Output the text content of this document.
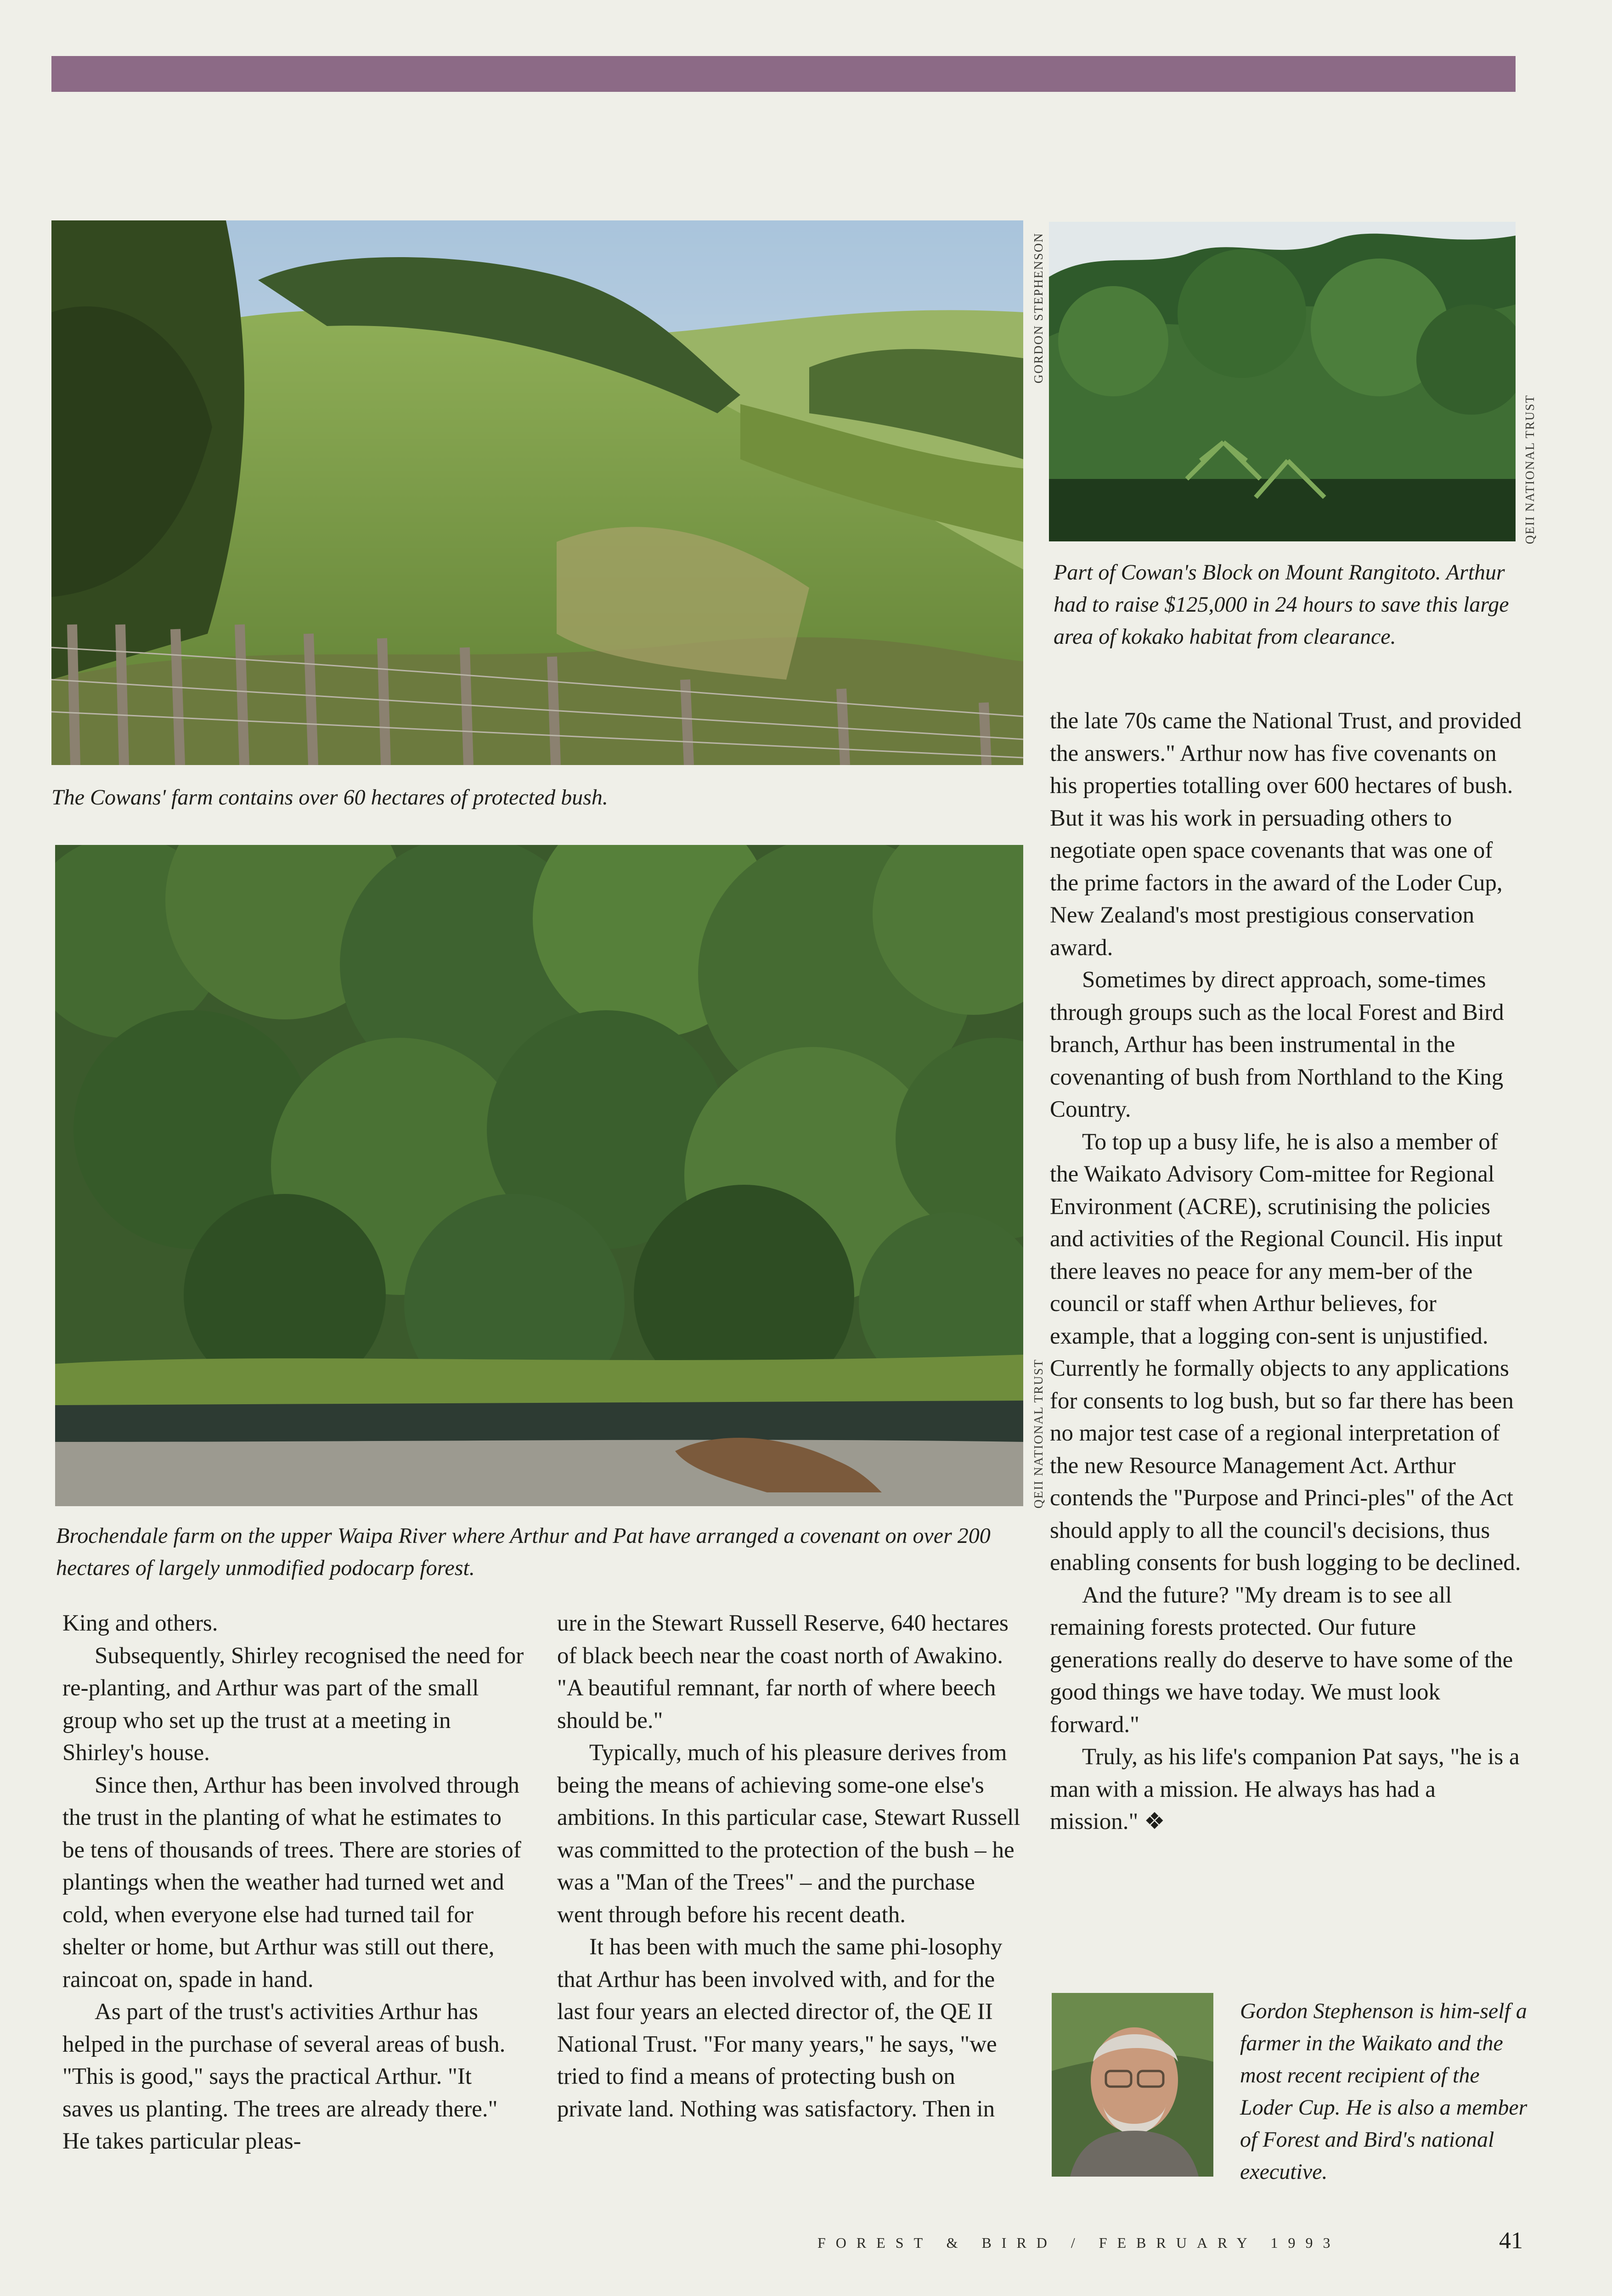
The Cowans' farm contains over 60 hectares of protected bush.
Part of Cowan's Block on Mount Rangitoto. Arthur had to raise $125,000 in 24 hours to save this large area of kokako habitat from clearance.
Brochendale farm on the upper Waipa River where Arthur and Pat have arranged a covenant on over 200 hectares of largely unmodified podocarp forest.
GORDON STEPHENSON
QEII NATIONAL TRUST
QEII NATIONAL TRUST

King and others.

Subsequently, Shirley recognised the need for re-planting, and Arthur was part of the small group who set up the trust at a meeting in Shirley's house.

Since then, Arthur has been involved through the trust in the planting of what he estimates to be tens of thousands of trees. There are stories of plantings when the weather had turned wet and cold, when everyone else had turned tail for shelter or home, but Arthur was still out there, raincoat on, spade in hand.

As part of the trust's activities Arthur has helped in the purchase of several areas of bush. "This is good," says the practical Arthur. "It saves us planting. The trees are already there." He takes particular pleas-

ure in the Stewart Russell Reserve, 640 hectares of black beech near the coast north of Awakino. "A beautiful remnant, far north of where beech should be."

Typically, much of his pleasure derives from being the means of achieving some-one else's ambitions. In this particular case, Stewart Russell was committed to the protection of the bush – he was a "Man of the Trees" – and the purchase went through before his recent death.

It has been with much the same phi-losophy that Arthur has been involved with, and for the last four years an elected director of, the QE II National Trust. "For many years," he says, "we tried to find a means of protecting bush on private land. Nothing was satisfactory. Then in

the late 70s came the National Trust, and provided the answers." Arthur now has five covenants on his properties totalling over 600 hectares of bush. But it was his work in persuading others to negotiate open space covenants that was one of the prime factors in the award of the Loder Cup, New Zealand's most prestigious conservation award.

Sometimes by direct approach, some-times through groups such as the local Forest and Bird branch, Arthur has been instrumental in the covenanting of bush from Northland to the King Country.

To top up a busy life, he is also a member of the Waikato Advisory Com-mittee for Regional Environment (ACRE), scrutinising the policies and activities of the Regional Council. His input there leaves no peace for any mem-ber of the council or staff when Arthur believes, for example, that a logging con-sent is unjustified. Currently he formally objects to any applications for consents to log bush, but so far there has been no major test case of a regional interpretation of the new Resource Management Act. Arthur contends the "Purpose and Princi-ples" of the Act should apply to all the council's decisions, thus enabling consents for bush logging to be declined.

And the future? "My dream is to see all remaining forests protected. Our future generations really do deserve to have some of the good things we have today. We must look forward."

Truly, as his life's companion Pat says, "he is a man with a mission. He always has had a mission." ❖

Gordon Stephenson is him-self a farmer in the Waikato and the most recent recipient of the Loder Cup. He is also a member of Forest and Bird's national executive.
FOREST & BIRD / FEBRUARY 1993	41
